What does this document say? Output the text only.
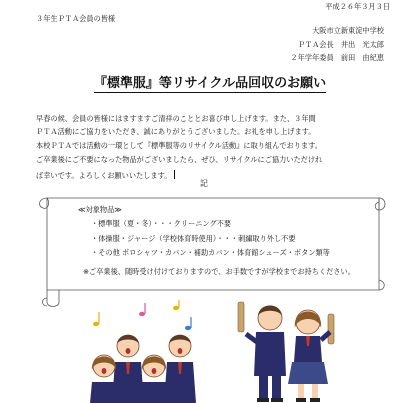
平成２６年３月３日
３年生ＰＴＡ会員の皆様
大阪市立新東淀中学校
ＰＴＡ会長　井出　光太郎
２年学年委員　前田　由紀恵
『標準服』等リサイクル品回収のお願い
早春の候、会員の皆様にはますますご清祥のこととお喜び申し上げます。また、３年間
ＰＴＡ活動にご協力をいただき、誠にありがとうございました。お礼を申し上げます。
本校ＰＴＡでは活動の一環として『標準服等のリサイクル活動』に取り組んでおります。
ご卒業後にご不要になった物品がございましたら、ぜひ、リサイクルにご協力いただけれ
ば幸いです。よろしくお願いいたします。
記
≪対象物品≫
・標準服（夏・冬）・・・クリーニング不要
・体操服・ジャージ（学校体育時使用）・・・刺繍取り外し不要
・その他 ポロシャツ・カバン・補助カバン・体育館シューズ・ボタン類等
※ご卒業後、随時受け付けておりますので、お手数ですが学校までお持ちください。
